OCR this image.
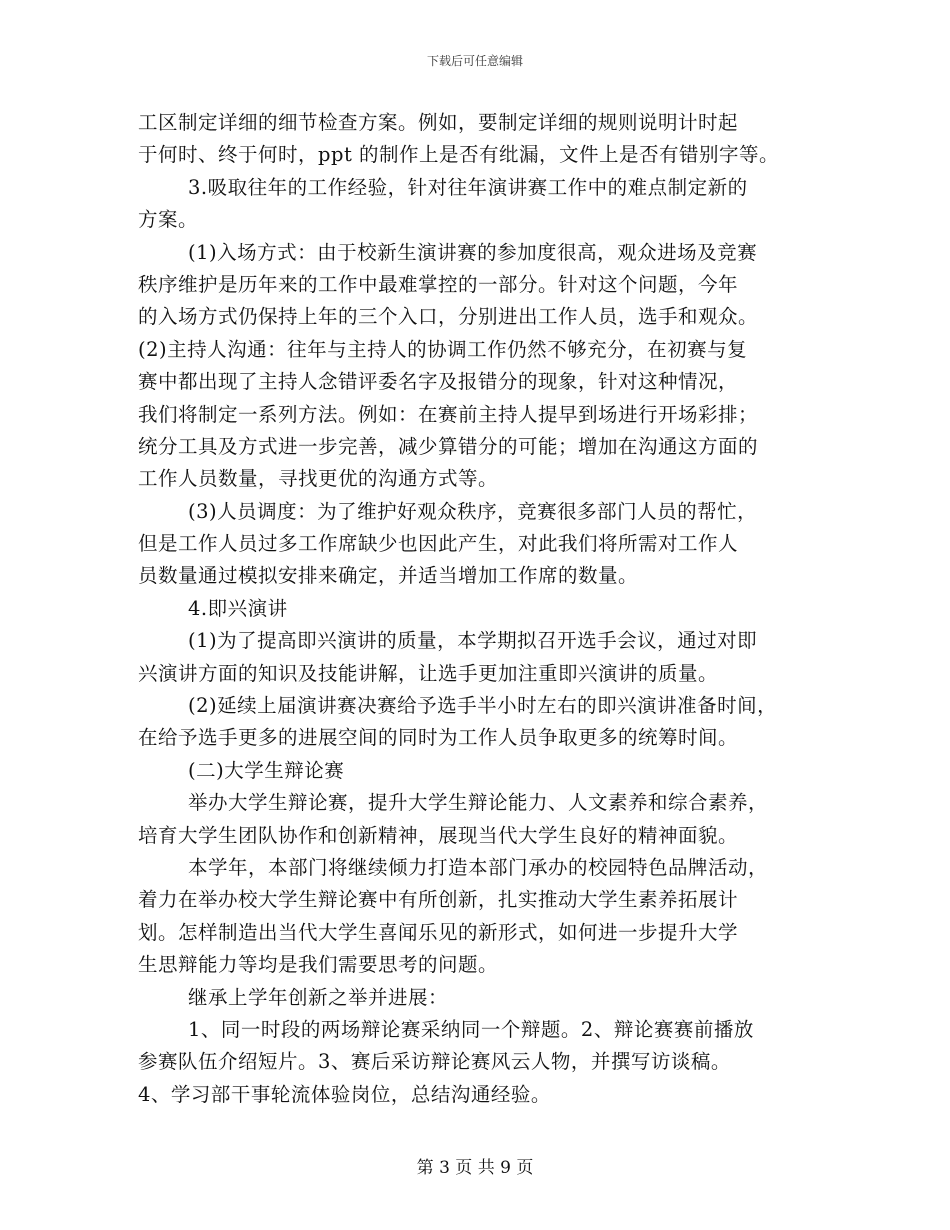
下载后可任意编辑
工区制定详细的细节检查方案。例如，要制定详细的规则说明计时起
于何时、终于何时，ppt 的制作上是否有纰漏，文件上是否有错别字等。
3.吸取往年的工作经验，针对往年演讲赛工作中的难点制定新的
方案。
(1)入场方式：由于校新生演讲赛的参加度很高，观众进场及竞赛
秩序维护是历年来的工作中最难掌控的一部分。针对这个问题，今年
的入场方式仍保持上年的三个入口，分别进出工作人员，选手和观众。
(2)主持人沟通：往年与主持人的协调工作仍然不够充分，在初赛与复
赛中都出现了主持人念错评委名字及报错分的现象，针对这种情况，
我们将制定一系列方法。例如：在赛前主持人提早到场进行开场彩排；
统分工具及方式进一步完善，减少算错分的可能；增加在沟通这方面的
工作人员数量，寻找更优的沟通方式等。
(3)人员调度：为了维护好观众秩序，竞赛很多部门人员的帮忙，
但是工作人员过多工作席缺少也因此产生，对此我们将所需对工作人
员数量通过模拟安排来确定，并适当增加工作席的数量。
4.即兴演讲
(1)为了提高即兴演讲的质量，本学期拟召开选手会议，通过对即
兴演讲方面的知识及技能讲解，让选手更加注重即兴演讲的质量。
(2)延续上届演讲赛决赛给予选手半小时左右的即兴演讲准备时间，
在给予选手更多的进展空间的同时为工作人员争取更多的统筹时间。
(二)大学生辩论赛
举办大学生辩论赛，提升大学生辩论能力、人文素养和综合素养，
培育大学生团队协作和创新精神，展现当代大学生良好的精神面貌。
本学年，本部门将继续倾力打造本部门承办的校园特色品牌活动，
着力在举办校大学生辩论赛中有所创新，扎实推动大学生素养拓展计
划。怎样制造出当代大学生喜闻乐见的新形式，如何进一步提升大学
生思辩能力等均是我们需要思考的问题。
继承上学年创新之举并进展：
1、同一时段的两场辩论赛采纳同一个辩题。2、辩论赛赛前播放
参赛队伍介绍短片。3、赛后采访辩论赛风云人物，并撰写访谈稿。
4、学习部干事轮流体验岗位，总结沟通经验。
第 3 页 共 9 页
